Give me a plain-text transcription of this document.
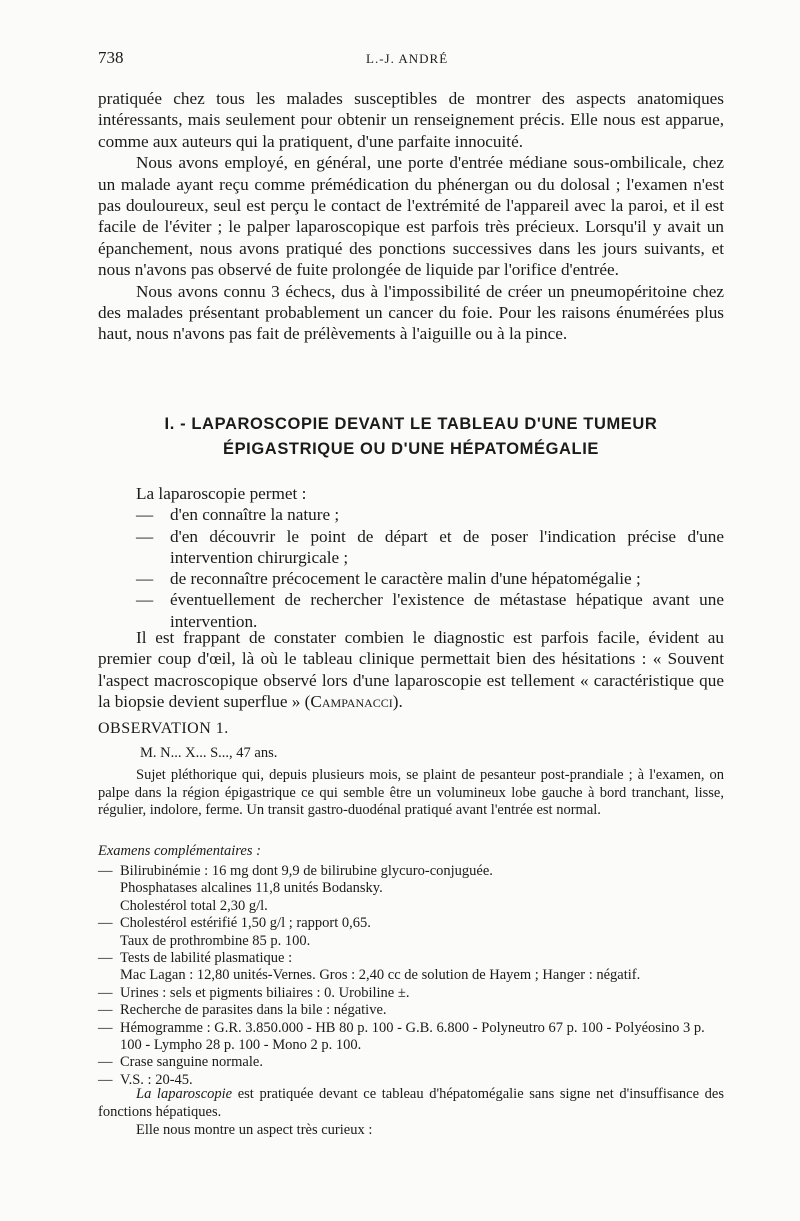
738	L.-J. ANDRÉ

pratiquée chez tous les malades susceptibles de montrer des aspects anatomiques intéressants, mais seulement pour obtenir un renseignement précis. Elle nous est apparue, comme aux auteurs qui la pratiquent, d'une parfaite innocuité.

Nous avons employé, en général, une porte d'entrée médiane sous-ombilicale, chez un malade ayant reçu comme prémédication du phénergan ou du dolosal ; l'examen n'est pas douloureux, seul est perçu le contact de l'extrémité de l'appareil avec la paroi, et il est facile de l'éviter ; le palper laparoscopique est parfois très précieux. Lorsqu'il y avait un épanchement, nous avons pratiqué des ponctions successives dans les jours suivants, et nous n'avons pas observé de fuite prolongée de liquide par l'orifice d'entrée.

Nous avons connu 3 échecs, dus à l'impossibilité de créer un pneumopéritoine chez des malades présentant probablement un cancer du foie. Pour les raisons énumérées plus haut, nous n'avons pas fait de prélèvements à l'aiguille ou à la pince.

I. - LAPAROSCOPIE DEVANT LE TABLEAU D'UNE TUMEUR
ÉPIGASTRIQUE OU D'UNE HÉPATOMÉGALIE

La laparoscopie permet :

— d'en connaître la nature ;
— d'en découvrir le point de départ et de poser l'indication précise d'une intervention chirurgicale ;
— de reconnaître précocement le caractère malin d'une hépatomégalie ;
— éventuellement de rechercher l'existence de métastase hépatique avant une intervention.

Il est frappant de constater combien le diagnostic est parfois facile, évident au premier coup d'œil, là où le tableau clinique permettait bien des hésitations : « Souvent l'aspect macroscopique observé lors d'une laparoscopie est tellement « caractéristique que la biopsie devient superflue » (Campanacci).

OBSERVATION 1.
M. N... X... S..., 47 ans.

Sujet pléthorique qui, depuis plusieurs mois, se plaint de pesanteur post-prandiale ; à l'examen, on palpe dans la région épigastrique ce qui semble être un volumineux lobe gauche à bord tranchant, lisse, régulier, indolore, ferme. Un transit gastro-duodénal pratiqué avant l'entrée est normal.

Examens complémentaires :
— Bilirubinémie : 16 mg dont 9,9 de bilirubine glycuro-conjuguée.
Phosphatases alcalines 11,8 unités Bodansky.
Cholestérol total 2,30 g/l.
— Cholestérol estérifié 1,50 g/l ; rapport 0,65.
Taux de prothrombine 85 p. 100.
— Tests de labilité plasmatique :
Mac Lagan : 12,80 unités-Vernes. Gros : 2,40 cc de solution de Hayem ; Hanger : négatif.
— Urines : sels et pigments biliaires : 0. Urobiline ±.
— Recherche de parasites dans la bile : négative.
— Hémogramme : G.R. 3.850.000 - HB 80 p. 100 - G.B. 6.800 - Polyneutro 67 p. 100 - Polyéosino 3 p. 100 - Lympho 28 p. 100 - Mono 2 p. 100.
— Crase sanguine normale.
— V.S. : 20-45.

La laparoscopie est pratiquée devant ce tableau d'hépatomégalie sans signe net d'insuffisance des fonctions hépatiques.

Elle nous montre un aspect très curieux :
